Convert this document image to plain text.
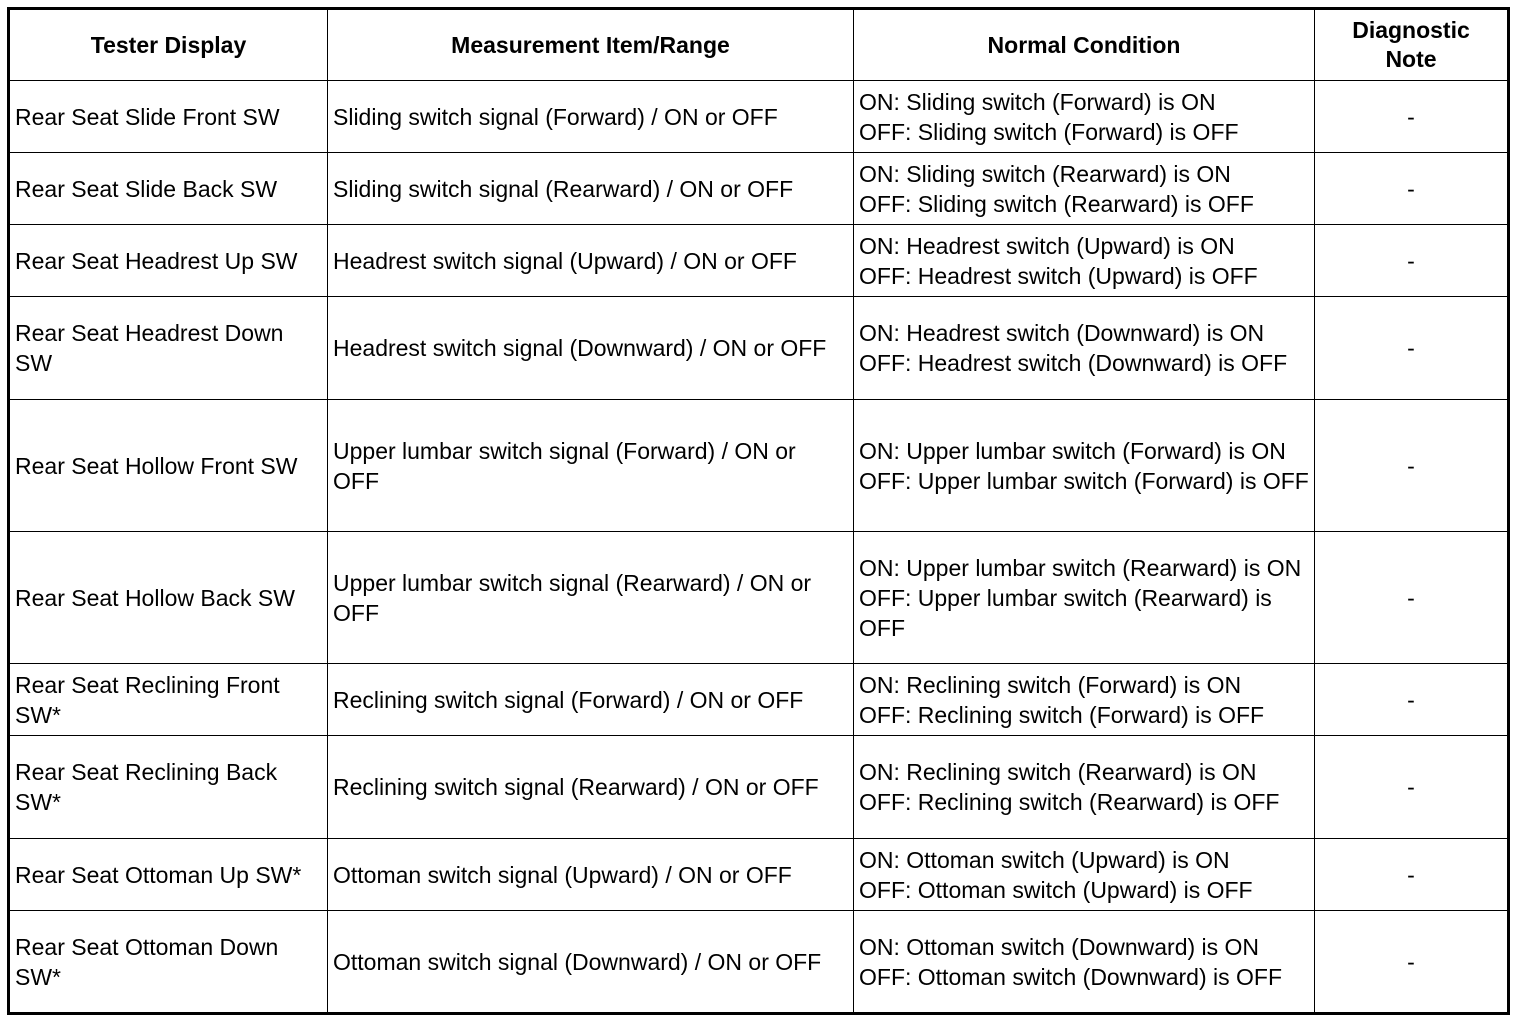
Tester Display	Measurement Item/Range	Normal Condition	Diagnostic
Note

Rear Seat Slide Front SW	Sliding switch signal (Forward) / ON or OFF	ON: Sliding switch (Forward) is ON
OFF: Sliding switch (Forward) is OFF	-
Rear Seat Slide Back SW	Sliding switch signal (Rearward) / ON or OFF	ON: Sliding switch (Rearward) is ON
OFF: Sliding switch (Rearward) is OFF	-
Rear Seat Headrest Up SW	Headrest switch signal (Upward) / ON or OFF	ON: Headrest switch (Upward) is ON
OFF: Headrest switch (Upward) is OFF	-
Rear Seat Headrest Down SW	Headrest switch signal (Downward) / ON or OFF	ON: Headrest switch (Downward) is ON
OFF: Headrest switch (Downward) is OFF	-
Rear Seat Hollow Front SW	Upper lumbar switch signal (Forward) / ON or OFF	ON: Upper lumbar switch (Forward) is ON
OFF: Upper lumbar switch (Forward) is OFF	-
Rear Seat Hollow Back SW	Upper lumbar switch signal (Rearward) / ON or OFF	ON: Upper lumbar switch (Rearward) is ON
OFF: Upper lumbar switch (Rearward) is OFF	-
Rear Seat Reclining Front SW*	Reclining switch signal (Forward) / ON or OFF	ON: Reclining switch (Forward) is ON
OFF: Reclining switch (Forward) is OFF	-
Rear Seat Reclining Back SW*	Reclining switch signal (Rearward) / ON or OFF	ON: Reclining switch (Rearward) is ON
OFF: Reclining switch (Rearward) is OFF	-
Rear Seat Ottoman Up SW*	Ottoman switch signal (Upward) / ON or OFF	ON: Ottoman switch (Upward) is ON
OFF: Ottoman switch (Upward) is OFF	-
Rear Seat Ottoman Down SW*	Ottoman switch signal (Downward) / ON or OFF	ON: Ottoman switch (Downward) is ON
OFF: Ottoman switch (Downward) is OFF	-
